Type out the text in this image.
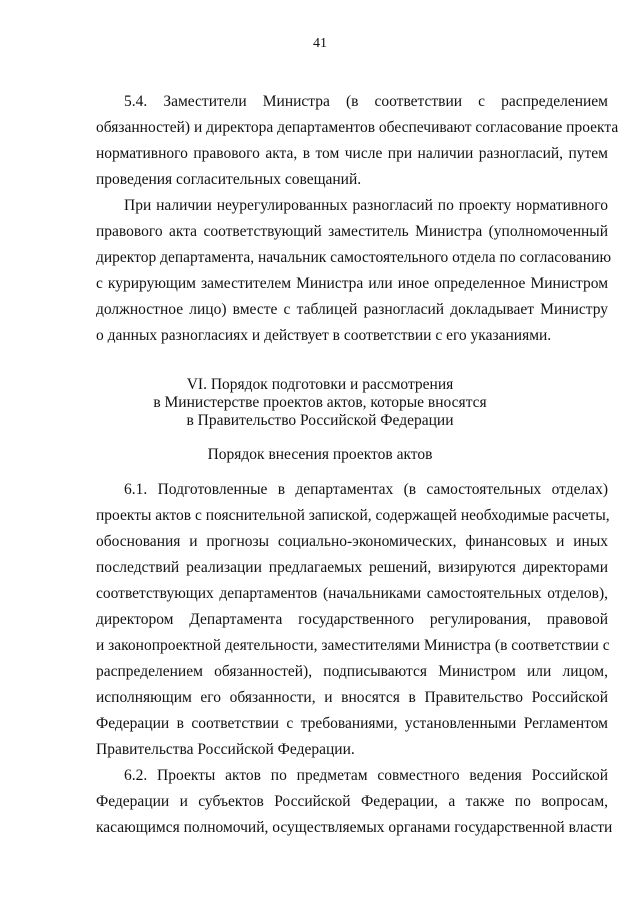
41
5.4. Заместители Министра (в соответствии с распределением
обязанностей) и директора департаментов обеспечивают согласование проекта
нормативного правового акта, в том числе при наличии разногласий, путем
проведения согласительных совещаний.
При наличии неурегулированных разногласий по проекту нормативного
правового акта соответствующий заместитель Министра (уполномоченный
директор департамента, начальник самостоятельного отдела по согласованию
с курирующим заместителем Министра или иное определенное Министром
должностное лицо) вместе с таблицей разногласий докладывает Министру
о данных разногласиях и действует в соответствии с его указаниями.
VI. Порядок подготовки и рассмотрения
в Министерстве проектов актов, которые вносятся
в Правительство Российской Федерации
Порядок внесения проектов актов
6.1. Подготовленные в департаментах (в самостоятельных отделах)
проекты актов с пояснительной запиской, содержащей необходимые расчеты,
обоснования и прогнозы социально-экономических, финансовых и иных
последствий реализации предлагаемых решений, визируются директорами
соответствующих департаментов (начальниками самостоятельных отделов),
директором Департамента государственного регулирования, правовой
и законопроектной деятельности, заместителями Министра (в соответствии с
распределением обязанностей), подписываются Министром или лицом,
исполняющим его обязанности, и вносятся в Правительство Российской
Федерации в соответствии с требованиями, установленными Регламентом
Правительства Российской Федерации.
6.2. Проекты актов по предметам совместного ведения Российской
Федерации и субъектов Российской Федерации, а также по вопросам,
касающимся полномочий, осуществляемых органами государственной власти
